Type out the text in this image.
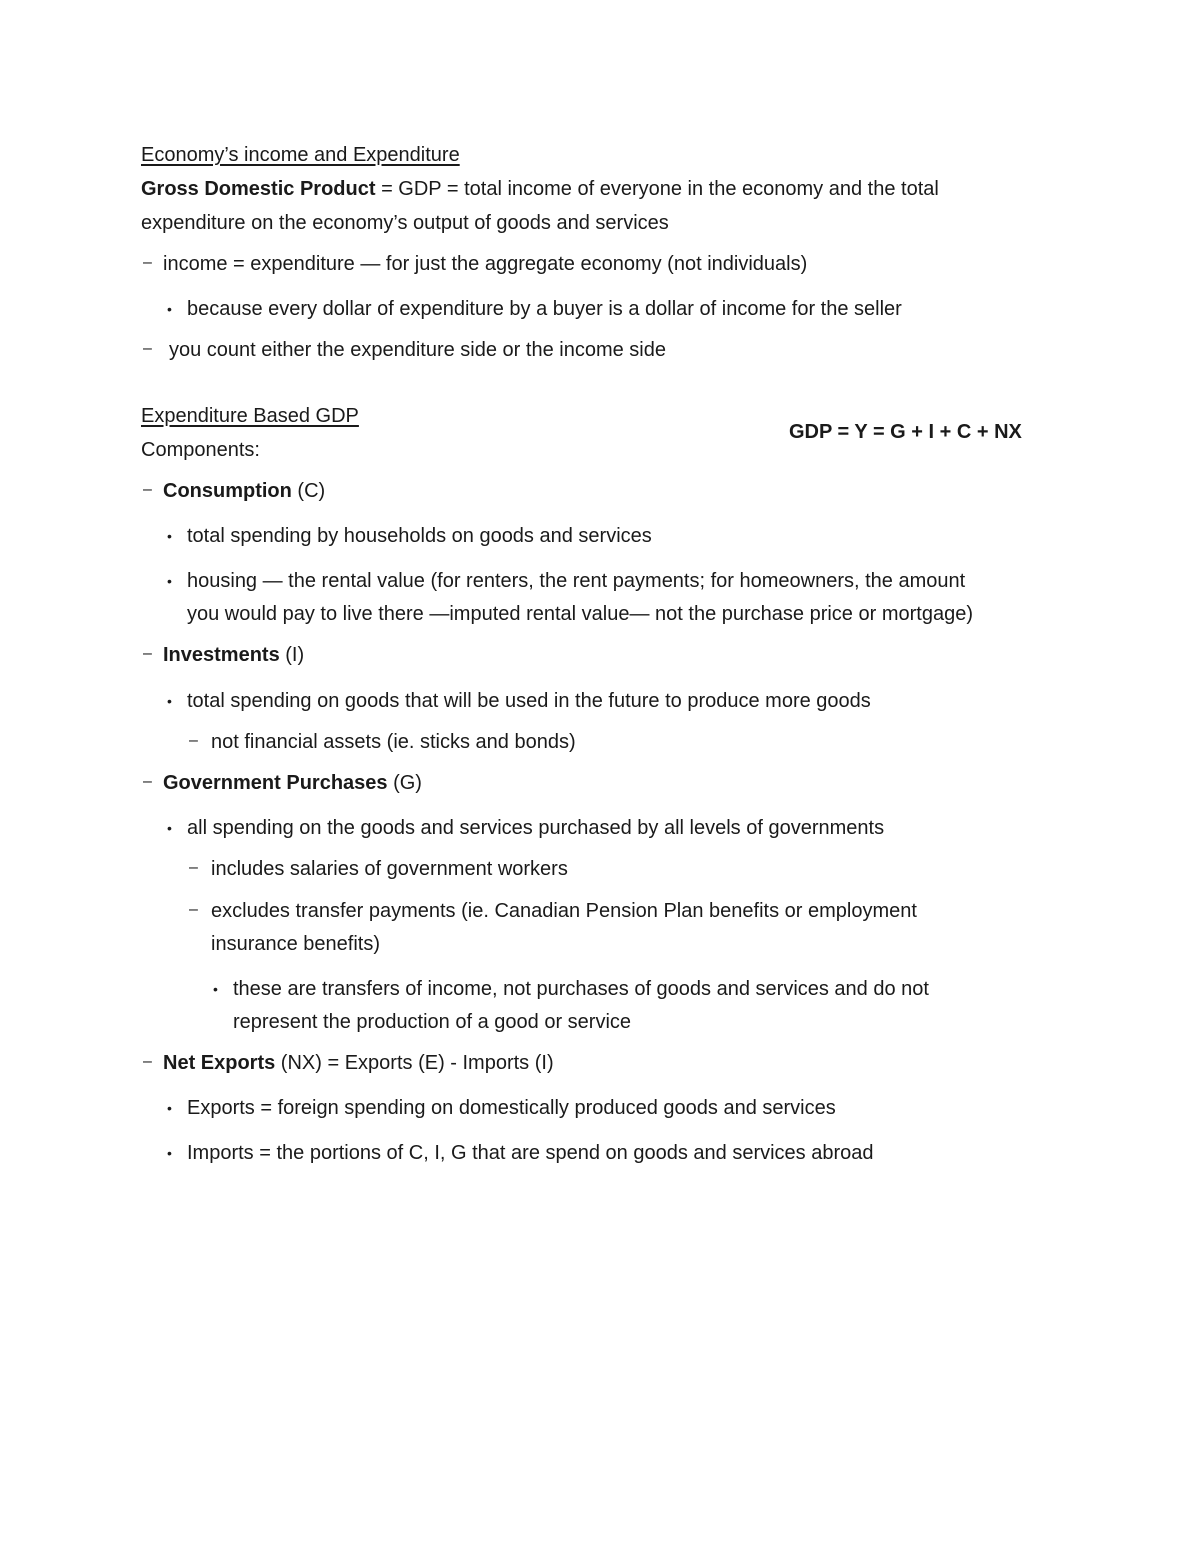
Economy’s income and Expenditure
Gross Domestic Product = GDP = total income of everyone in the economy and the total
expenditure on the economy’s output of goods and services
– income = expenditure — for just the aggregate economy (not individuals)
• because every dollar of expenditure by a buyer is a dollar of income for the seller
– you count either the expenditure side or the income side
Expenditure Based GDP
GDP = Y = G + I + C + NX
Components:
– Consumption (C)
• total spending by households on goods and services
• housing — the rental value (for renters, the rent payments; for homeowners, the amount
you would pay to live there —imputed rental value— not the purchase price or mortgage)
– Investments (I)
• total spending on goods that will be used in the future to produce more goods
– not financial assets (ie. sticks and bonds)
– Government Purchases (G)
• all spending on the goods and services purchased by all levels of governments
– includes salaries of government workers
– excludes transfer payments (ie. Canadian Pension Plan benefits or employment
insurance benefits)
• these are transfers of income, not purchases of goods and services and do not
represent the production of a good or service
– Net Exports (NX) = Exports (E) - Imports (I)
• Exports = foreign spending on domestically produced goods and services
• Imports = the portions of C, I, G that are spend on goods and services abroad
